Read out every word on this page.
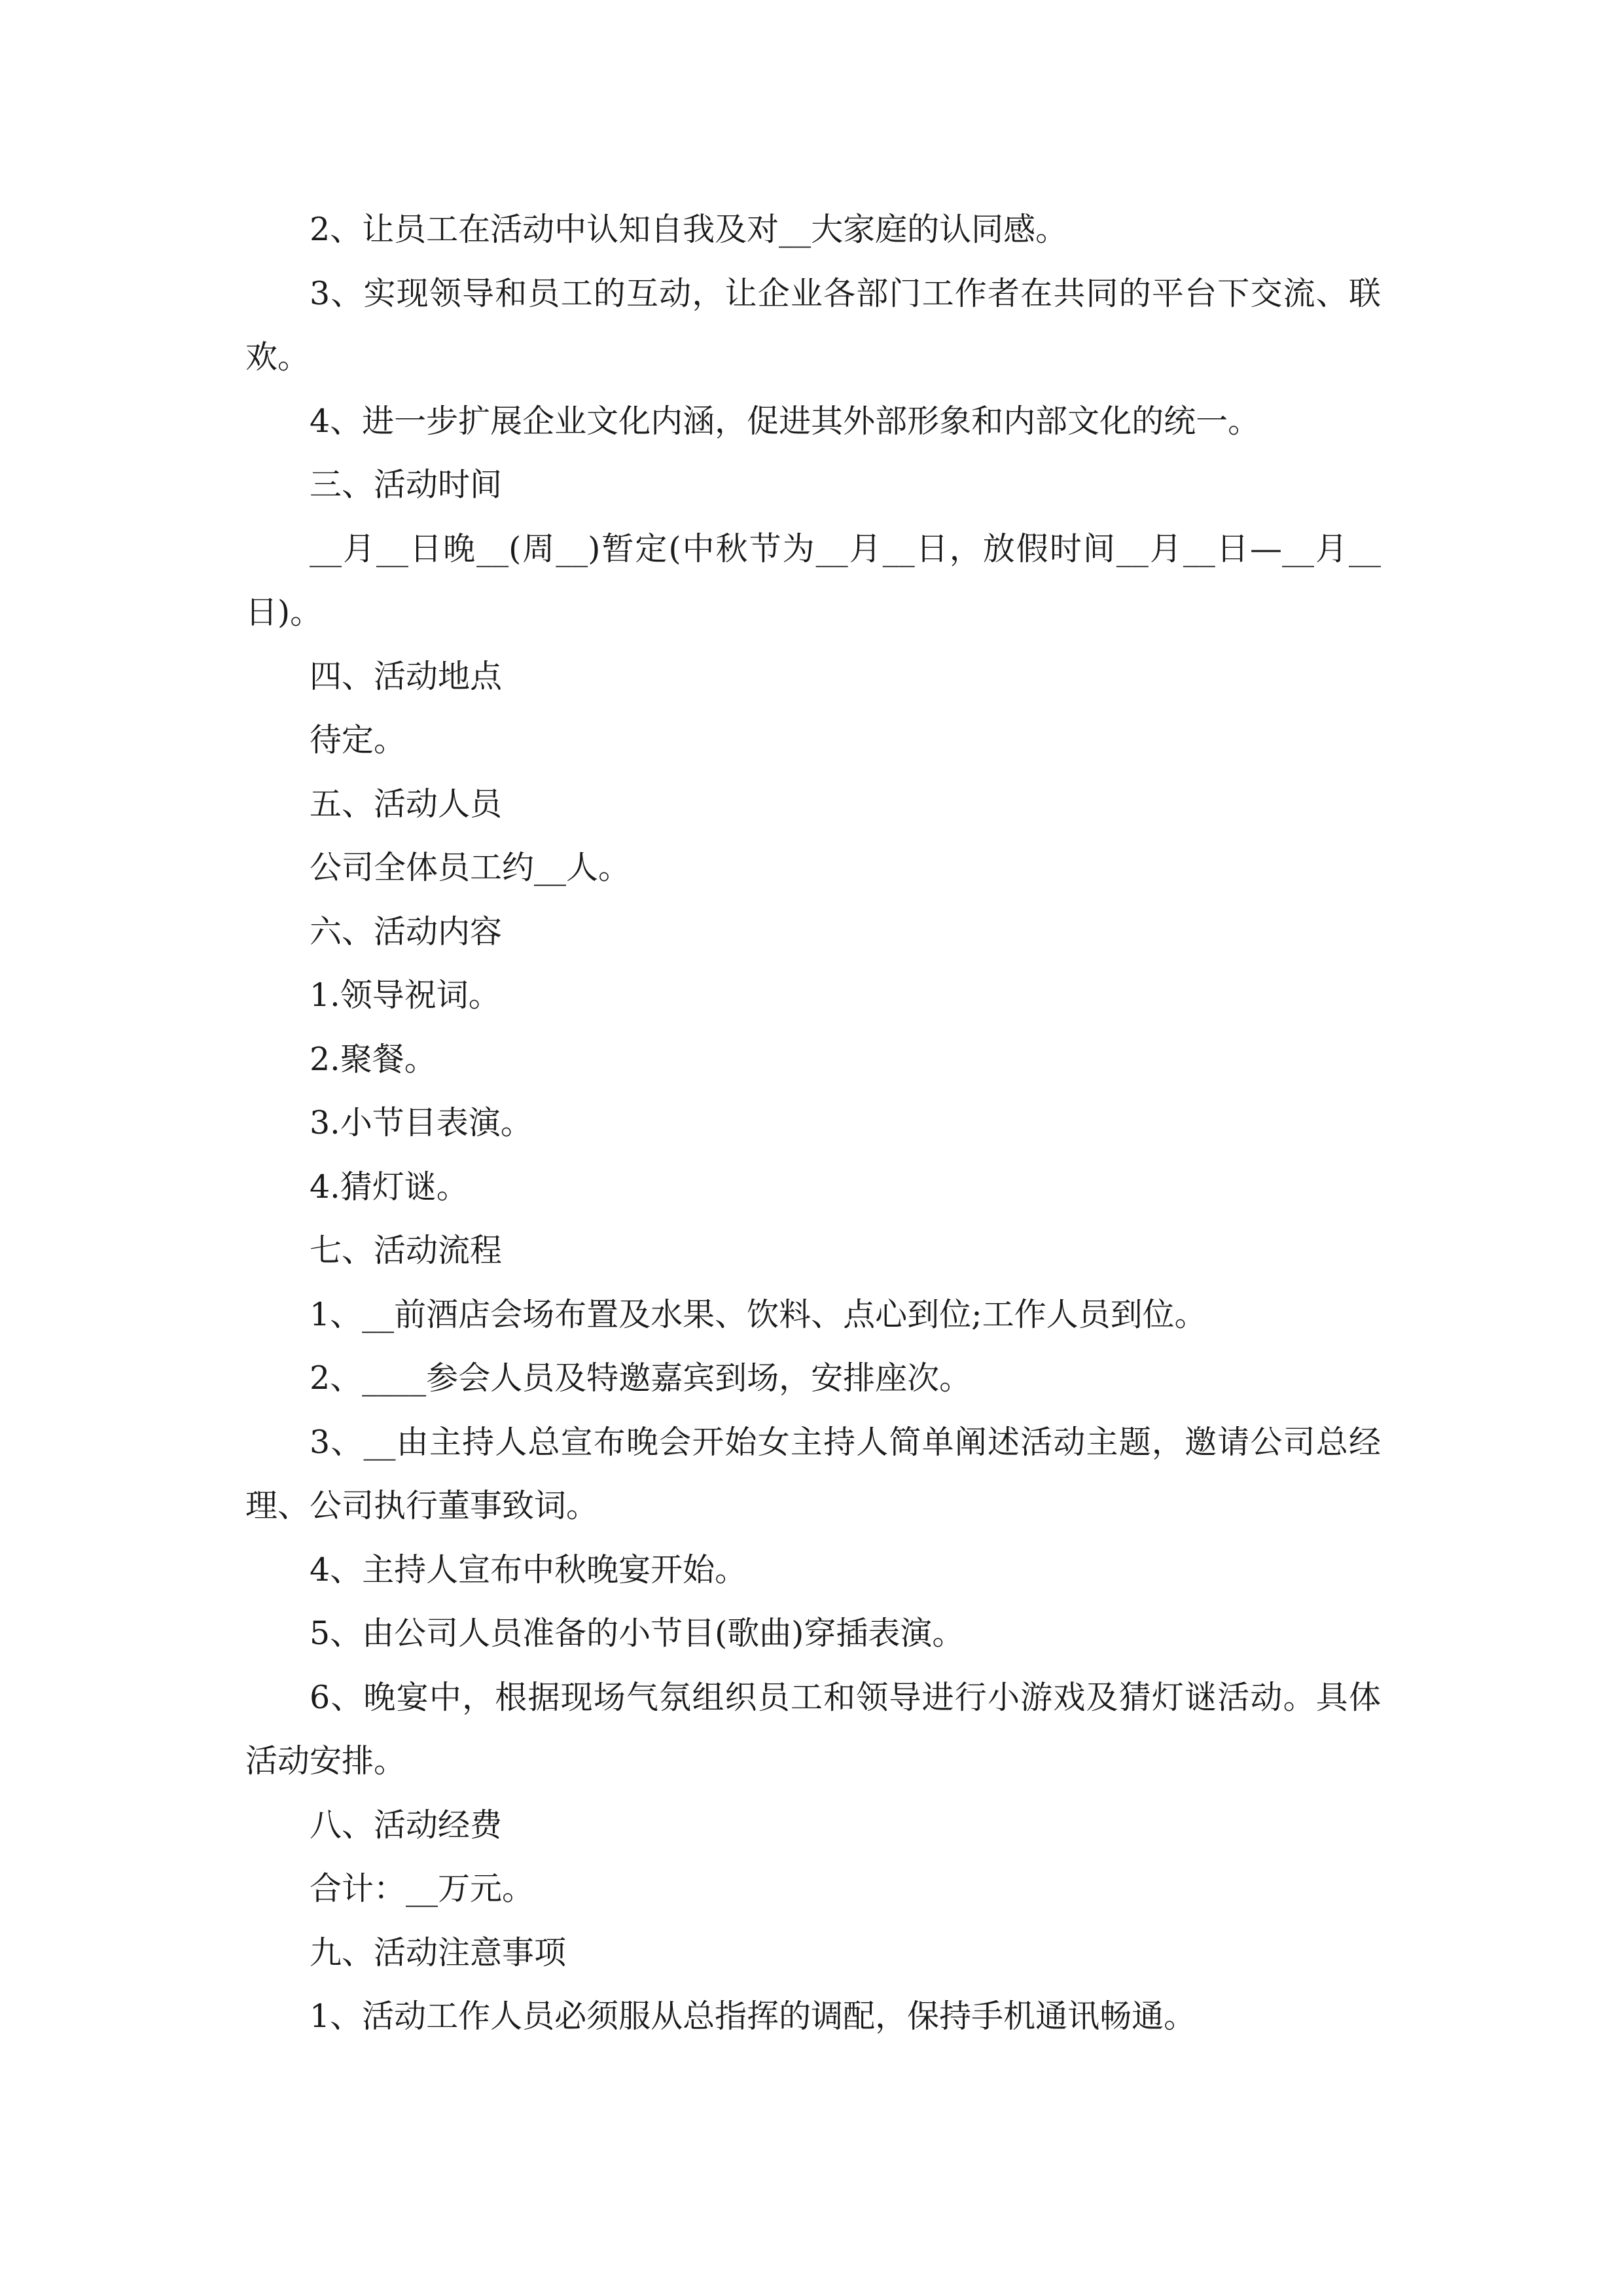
2、让员工在活动中认知自我及对__大家庭的认同感。

3、实现领导和员工的互动，让企业各部门工作者在共同的平台下交流、联欢。

4、进一步扩展企业文化内涵，促进其外部形象和内部文化的统一。

三、活动时间

__月__日晚__(周__)暂定(中秋节为__月__日，放假时间__月__日—__月__日)。

四、活动地点

待定。

五、活动人员

公司全体员工约__人。

六、活动内容

1.领导祝词。

2.聚餐。

3.小节目表演。

4.猜灯谜。

七、活动流程

1、__前酒店会场布置及水果、饮料、点心到位;工作人员到位。

2、____参会人员及特邀嘉宾到场，安排座次。

3、__由主持人总宣布晚会开始女主持人简单阐述活动主题，邀请公司总经理、公司执行董事致词。

4、主持人宣布中秋晚宴开始。

5、由公司人员准备的小节目(歌曲)穿插表演。

6、晚宴中，根据现场气氛组织员工和领导进行小游戏及猜灯谜活动。具体活动安排。

八、活动经费

合计：__万元。

九、活动注意事项

1、活动工作人员必须服从总指挥的调配，保持手机通讯畅通。
